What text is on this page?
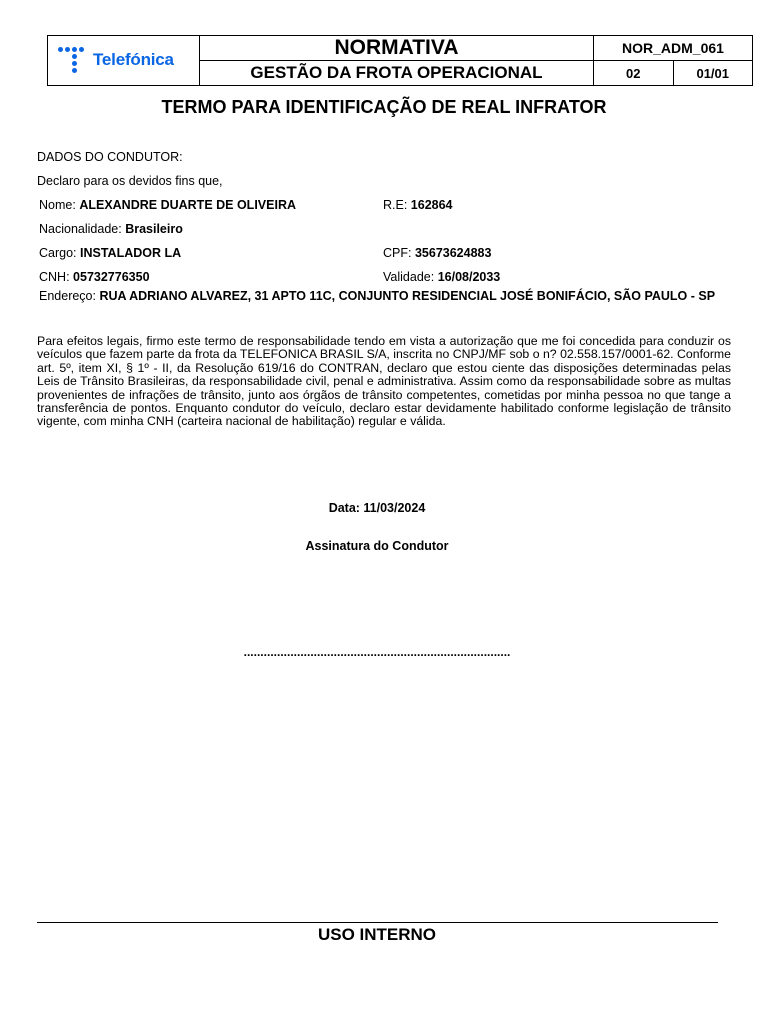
Telefónica	NORMATIVA	NOR_ADM_061	
	GESTÃO DA FROTA OPERACIONAL	02	01/01
TERMO PARA IDENTIFICAÇÃO DE REAL INFRATOR
DADOS DO CONDUTOR:
Declaro para os devidos fins que,
Nome: ALEXANDRE DUARTE DE OLIVEIRA	R.E: 162864
Nacionalidade: Brasileiro
Cargo: INSTALADOR LA	CPF: 35673624883
CNH: 05732776350	Validade: 16/08/2033
Endereço: RUA ADRIANO ALVAREZ, 31 APTO 11C, CONJUNTO RESIDENCIAL JOSÉ BONIFÁCIO, SÃO PAULO - SP

Para efeitos legais, firmo este termo de responsabilidade tendo em vista a autorização que me foi concedida para conduzir os veículos que fazem parte da frota da TELEFONICA BRASIL S/A, inscrita no CNPJ/MF sob o n? 02.558.157/0001-62. Conforme art. 5º, item XI, § 1º - II, da Resolução 619/16 do CONTRAN, declaro que estou ciente das disposições determinadas pelas Leis de Trânsito Brasileiras, da responsabilidade civil, penal e administrativa. Assim como da responsabilidade sobre as multas provenientes de infrações de trânsito, junto aos órgãos de trânsito competentes, cometidas por minha pessoa no que tange a transferência de pontos. Enquanto condutor do veículo, declaro estar devidamente habilitado conforme legislação de trânsito vigente, com minha CNH (carteira nacional de habilitação) regular e válida.

Data: 11/03/2024
Assinatura do Condutor
................................................................................
USO INTERNO
